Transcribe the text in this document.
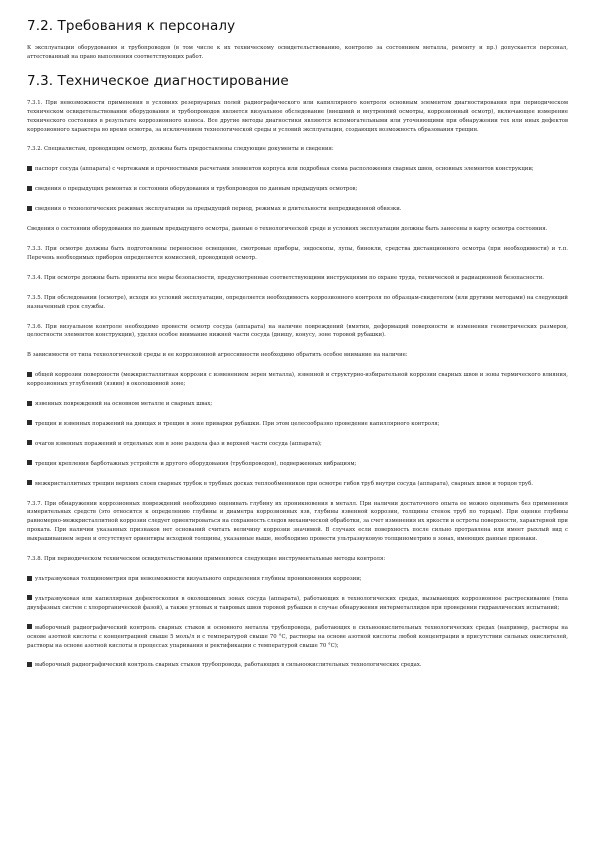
7.2. Требования к персоналу

К эксплуатации оборудования и трубопроводов (в том числе к их техническому освидетельствованию, контролю за состоянием металла, ремонту и пр.) допускается персонал, аттестованный на право выполнения соответствующих работ.

7.3. Техническое диагностирование

7.3.1. При невозможности применения в условиях резервуарных полей радиографического или капиллярного контроля основным элементом диагностирования при периодическом техническом освидетельствовании оборудования и трубопроводов является визуальное обследование (внешний и внутренний осмотры, коррозионный осмотр), включающее измерение технического состояния в результате коррозионного износа. Все другие методы диагностики являются вспомогательными или уточняющими при обнаружении тех или иных дефектов коррозионного характера во время осмотра, за исключением технологической среды и условий эксплуатации, создающих возможность образования трещин.

7.3.2. Специалистам, проводящим осмотр, должны быть предоставлены следующие документы и сведения:

паспорт сосуда (аппарата) с чертежами и прочностными расчетами элементов корпуса или подробная схема расположения сварных швов, основных элементов конструкции;

сведения о предыдущих ремонтах и состоянии оборудования и трубопроводов по данным предыдущих осмотров;

сведения о технологических режимах эксплуатации за предыдущий период, режимах и длительности непредвиденной обвязки.

Сведения о состоянии оборудования по данным предыдущего осмотра, данные о технологической среде и условиях эксплуатации должны быть занесены в карту осмотра состояния.

7.3.3. При осмотре должны быть подготовлены переносное освещение, смотровые приборы, эндоскопы, лупы, бинокли, средства дистанционного осмотра (при необходимости) и т.п. Перечень необходимых приборов определяется комиссией, проводящей осмотр.

7.3.4. При осмотре должны быть приняты все меры безопасности, предусмотренные соответствующими инструкциями по охране труда, технической и радиационной безопасности.

7.3.5. При обследовании (осмотре), исходя из условий эксплуатации, определяется необходимость коррозионного контроля по образцам-свидетелям (или другими методами) на следующий назначенный срок службы.

7.3.6. При визуальном контроле необходимо провести осмотр сосуда (аппарата) на наличие повреждений (вмятин, деформаций поверхности и изменения геометрических размеров, целостности элементов конструкции), уделяя особое внимание нижней части сосуда (днищу, конусу, зоне торовой рубашки).

В зависимости от типа технологической среды и ее коррозионной агрессивности необходимо обратить особое внимание на наличие:

общей коррозии поверхности (межкристаллитная коррозия с изменением зерен металла), язвенной и структурно-избирательной коррозии сварных швов и зоны термического влияния, коррозионных углублений (язвин) в околошовной зоне;

язвенных повреждений на основном металле и сварных швах;

трещин и язвенных поражений на днищах и трещин в зоне приварки рубашки. При этом целесообразно проведение капиллярного контроля;

очагов язвенных поражений и отдельных язв в зоне раздела фаз и верхней части сосуда (аппарата);

трещин крепления барботажных устройств и другого оборудования (трубопроводов), подверженных вибрациям;

межкристаллитных трещин верхних слоев сварных трубок в трубных досках теплообменников при осмотре гибов труб внутри сосуда (аппарата), сварных швов и торцов труб.

7.3.7. При обнаружении коррозионных повреждений необходимо оценивать глубину их проникновения в металл. При наличии достаточного опыта ее можно оценивать без применения измерительных средств (это относится к определению глубины и диаметра коррозионных язв, глубины язвенной коррозии, толщины стенок труб по торцам). При оценке глубины равномерно-межкристаллитной коррозии следует ориентироваться на сохранность следов механической обработки, за счет изменения их яркости и остроты поверхности, характерной при проката. При наличии указанных признаков нет оснований считать величину коррозии значимой. В случаях если поверхность после сильно протравлена или имеет рыхлый вид с выкрашиванием зерен и отсутствует ориентиры исходной толщины, указанные выше, необходимо провести ультразвуковую толщинометрию в зонах, имеющих данные признаки.

7.3.8. При периодическом техническом освидетельствовании применяются следующие инструментальные методы контроля:

ультразвуковая толщинометрия при невозможности визуального определения глубины проникновения коррозии;

ультразвуковая или капиллярная дефектоскопия в околошовных зонах сосуда (аппарата), работающих в технологических средах, вызывающих коррозионное растрескивание (типа двухфазных систем с хлорорганической фазой), а также угловых и тавровых швов торовой рубашки в случае обнаружения интерметаллидов при проведении гидравлических испытаний;

выборочный радиографический контроль сварных стыков и основного металла трубопровода, работающих в сильноокислительных технологических средах (например, растворы на основе азотной кислоты с концентрацией свыше 5 моль/л и с температурой свыше 70 °С, растворы на основе азотной кислоты любой концентрации в присутствии сильных окислителей, растворы на основе азотной кислоты в процессах упаривания и ректификации с температурой свыше 70 °С);

выборочный радиографический контроль сварных стыков трубопровода, работающих в сильноокислительных технологических средах.
